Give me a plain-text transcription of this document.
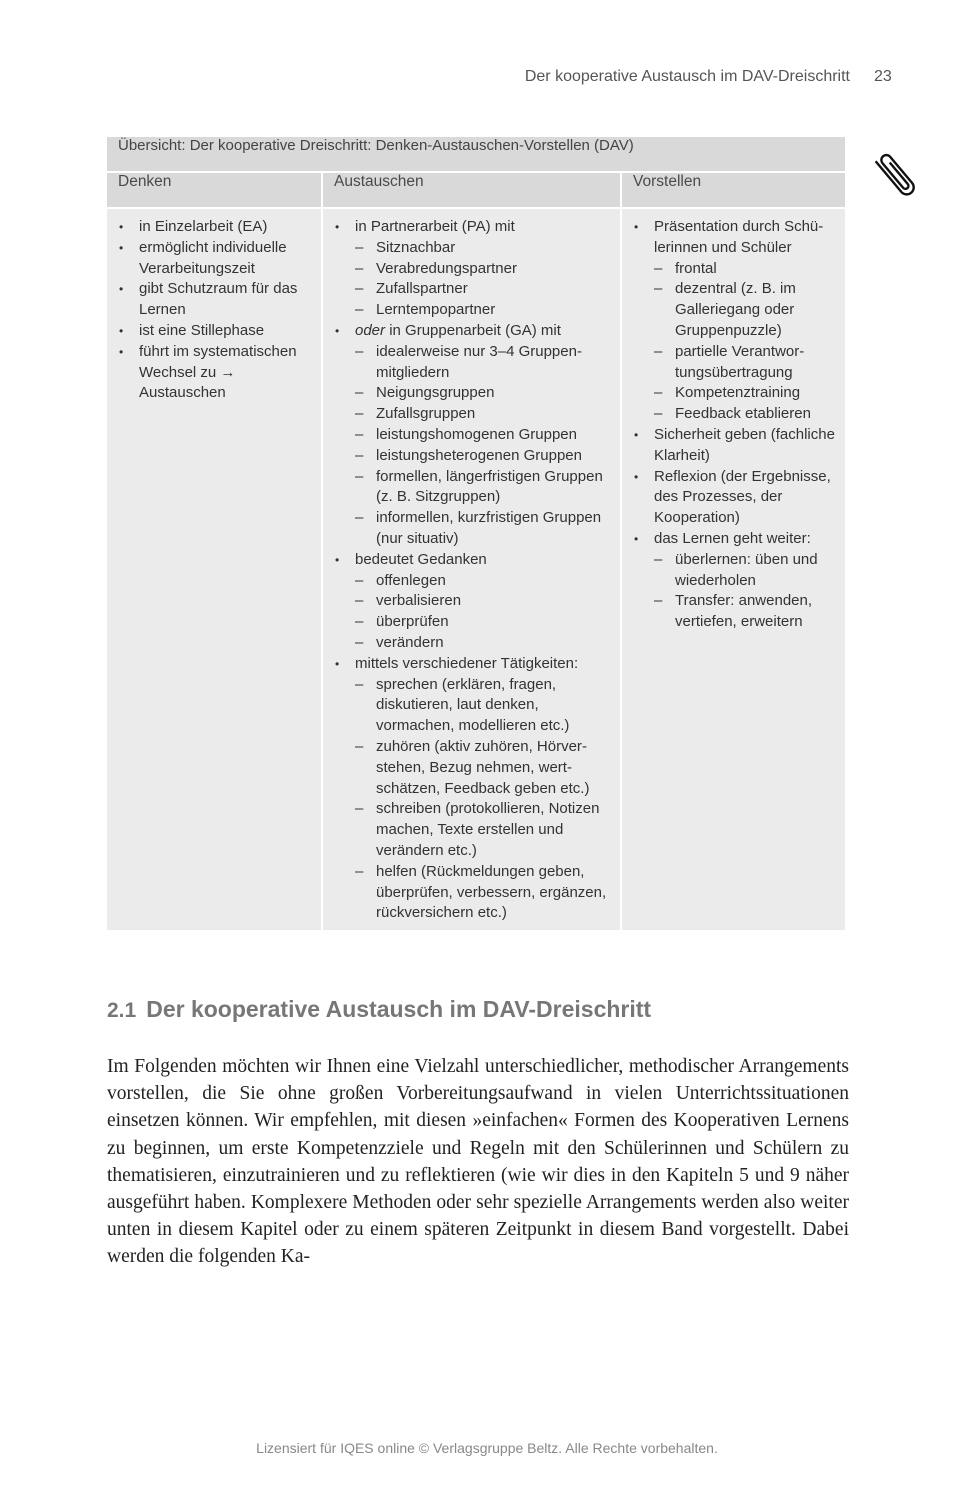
Der kooperative Austausch im DAV-Dreischritt 23
Übersicht: Der kooperative Dreischritt: Denken-Austauschen-Vorstellen (DAV)		
Denken	Austauschen	Vorstellen

• in Einzelarbeit (EA)
• ermöglicht individuelle Verarbeitungszeit
• gibt Schutzraum für das Lernen
• ist eine Stillephase
• führt im systematischen Wechsel zu → Austauschen

• in Partnerarbeit (PA) mit
– Sitznachbar
– Verabredungspartner
– Zufallspartner
– Lerntempopartner
• oder in Gruppenarbeit (GA) mit
– idealerweise nur 3–4 Gruppenmitgliedern
– Neigungsgruppen
– Zufallsgruppen
– leistungshomogenen Gruppen
– leistungsheterogenen Gruppen
– formellen, längerfristigen Gruppen (z. B. Sitzgruppen)
– informellen, kurzfristigen Gruppen (nur situativ)
• bedeutet Gedanken
– offenlegen
– verbalisieren
– überprüfen
– verändern
• mittels verschiedener Tätigkeiten:
– sprechen (erklären, fragen, diskutieren, laut denken, vormachen, modellieren etc.)
– zuhören (aktiv zuhören, Hörverstehen, Bezug nehmen, wertschätzen, Feedback geben etc.)
– schreiben (protokollieren, Notizen machen, Texte erstellen und verändern etc.)
– helfen (Rückmeldungen geben, überprüfen, verbessern, ergänzen, rückversichern etc.)

• Präsentation durch Schülerinnen und Schüler
– frontal
– dezentral (z. B. im Galleriegang oder Gruppenpuzzle)
– partielle Verantwortungsübertragung
– Kompetenztraining
– Feedback etablieren
• Sicherheit geben (fachliche Klarheit)
• Reflexion (der Ergebnisse, des Prozesses, der Kooperation)
• das Lernen geht weiter:
– überlernen: üben und wiederholen
– Transfer: anwenden, vertiefen, erweitern
2.1 Der kooperative Austausch im DAV-Dreischritt
Im Folgenden möchten wir Ihnen eine Vielzahl unterschiedlicher, methodischer Arrangements vorstellen, die Sie ohne großen Vorbereitungsaufwand in vielen Unterrichtssituationen einsetzen können. Wir empfehlen, mit diesen »einfachen« Formen des Kooperativen Lernens zu beginnen, um erste Kompetenzziele und Regeln mit den Schülerinnen und Schülern zu thematisieren, einzutrainieren und zu reflektieren (wie wir dies in den Kapiteln 5 und 9 näher ausgeführt haben. Komplexere Methoden oder sehr spezielle Arrangements werden also weiter unten in diesem Kapitel oder zu einem späteren Zeitpunkt in diesem Band vorgestellt. Dabei werden die folgenden Ka-
Lizensiert für IQES online © Verlagsgruppe Beltz. Alle Rechte vorbehalten.
